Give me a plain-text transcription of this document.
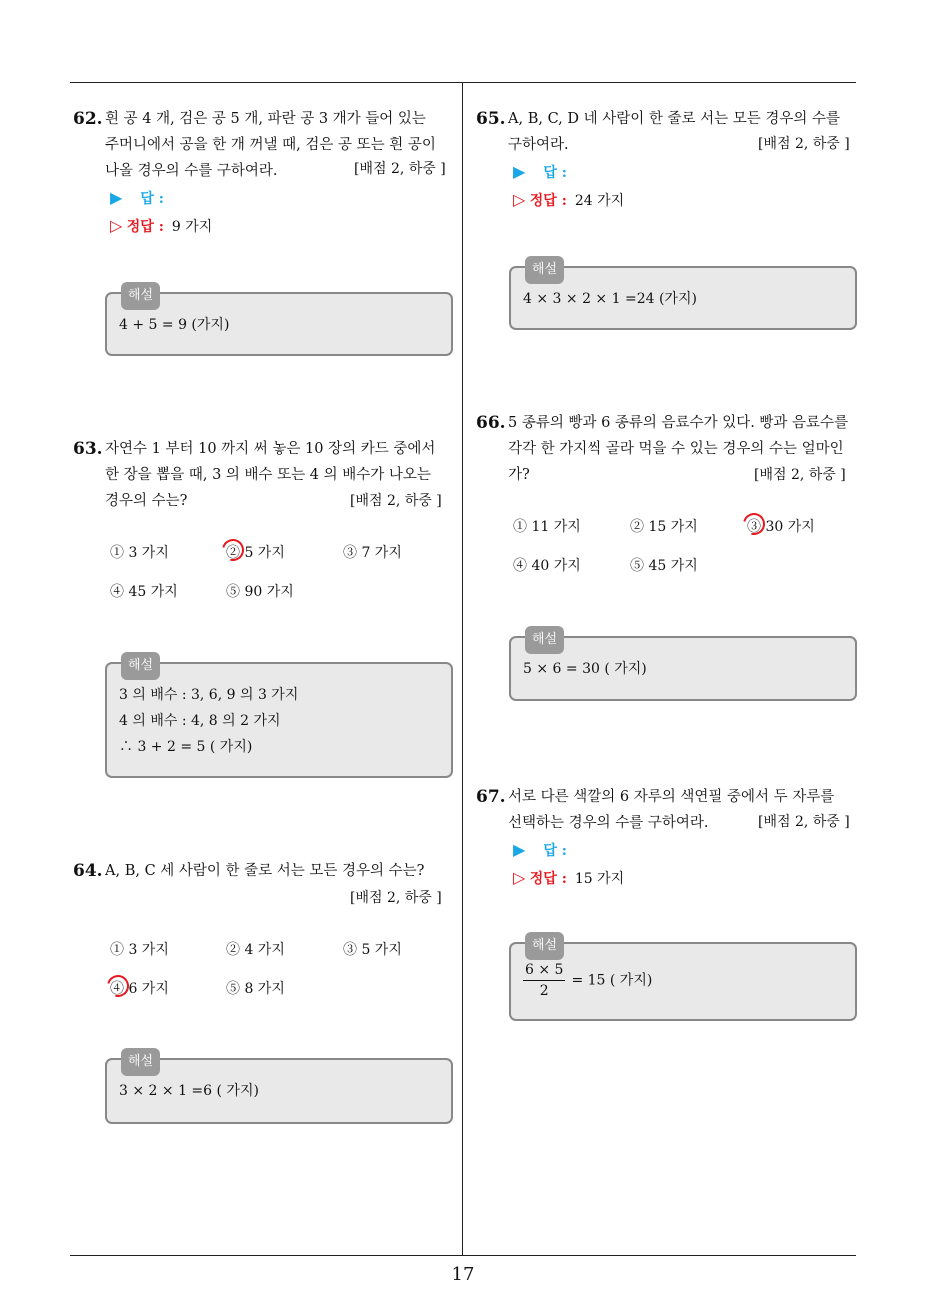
62. 흰 공 4 개, 검은 공 5 개, 파란 공 3 개가 들어 있는
주머니에서 공을 한 개 꺼낼 때, 검은 공 또는 흰 공이
나올 경우의 수를 구하여라.	[배점 2, 하중 ]
▶ 답 :
▷ 정답 : 9 가지
해설
4 + 5 = 9 (가지)
63. 자연수 1 부터 10 까지 써 놓은 10 장의 카드 중에서
한 장을 뽑을 때, 3 의 배수 또는 4 의 배수가 나오는
경우의 수는?	[배점 2, 하중 ]
① 3 가지	② 5 가지	③ 7 가지
④ 45 가지	⑤ 90 가지
해설
3 의 배수 : 3, 6, 9 의 3 가지
4 의 배수 : 4, 8 의 2 가지
∴ 3 + 2 = 5 ( 가지)
64. A, B, C 세 사람이 한 줄로 서는 모든 경우의 수는?
[배점 2, 하중 ]
① 3 가지	② 4 가지	③ 5 가지
④ 6 가지	⑤ 8 가지
해설
3 × 2 × 1 =6 ( 가지)
65. A, B, C, D 네 사람이 한 줄로 서는 모든 경우의 수를
구하여라.	[배점 2, 하중 ]
▶ 답 :
▷ 정답 : 24 가지
해설
4 × 3 × 2 × 1 =24 (가지)
66. 5 종류의 빵과 6 종류의 음료수가 있다. 빵과 음료수를
각각 한 가지씩 골라 먹을 수 있는 경우의 수는 얼마인
가?	[배점 2, 하중 ]
① 11 가지	② 15 가지	③ 30 가지
④ 40 가지	⑤ 45 가지
해설
5 × 6 = 30 ( 가지)
67. 서로 다른 색깔의 6 자루의 색연필 중에서 두 자루를
선택하는 경우의 수를 구하여라.	[배점 2, 하중 ]
▶ 답 :
▷ 정답 : 15 가지
해설
$\frac{6 \times 5}{2} = 15$ ( 가지)
17
